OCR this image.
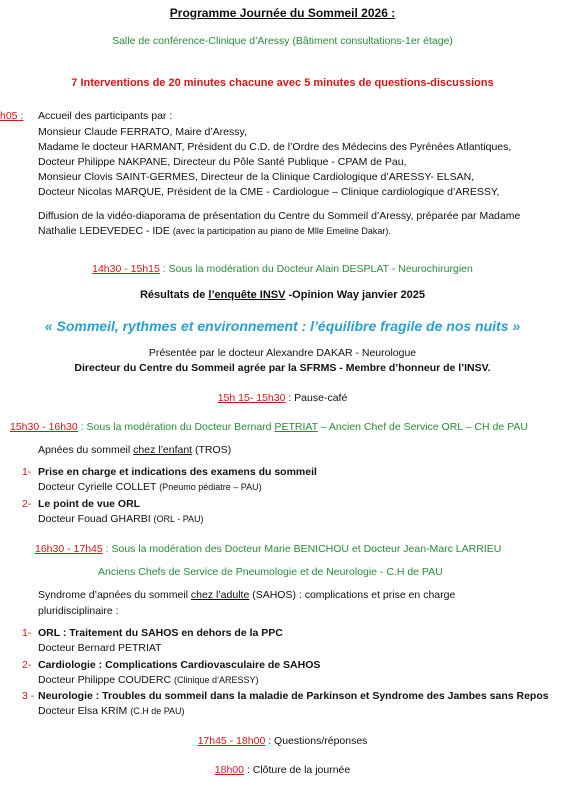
Programme Journée du Sommeil 2026 :
Salle de conférence-Clinique d’Aressy (Bâtiment consultations-1er étage)
7 Interventions de 20 minutes chacune avec 5 minutes de questions-discussions
h05 : Accueil des participants par :
Monsieur Claude FERRATO, Maire d’Aressy,
Madame le docteur HARMANT, Président du C.D. de l’Ordre des Médecins des Pyrénées Atlantiques,
Docteur Philippe NAKPANE, Directeur du Pôle Santé Publique - CPAM de Pau,
Monsieur Clovis SAINT-GERMES, Directeur de la Clinique Cardiologique d’ARESSY- ELSAN,
Docteur Nicolas MARQUE, Président de la CME - Cardiologue – Clinique cardiologique d’ARESSY,
Diffusion de la vidéo-diaporama de présentation du Centre du Sommeil d’Aressy, préparée par Madame
Nathalie LEDEVEDEC - IDE (avec la participation au piano de Mlle Emeline Dakar).
14h30 - 15h15 : Sous la modération du Docteur Alain DESPLAT - Neurochirurgien
Résultats de l’enquête INSV -Opinion Way janvier 2025
« Sommeil, rythmes et environnement : l’équilibre fragile de nos nuits »
Présentée par le docteur Alexandre DAKAR - Neurologue
Directeur du Centre du Sommeil agrée par la SFRMS - Membre d’honneur de l’INSV.
15h 15- 15h30 : Pause-café
15h30 - 16h30 : Sous la modération du Docteur Bernard PETRIAT – Ancien Chef de Service ORL – CH de PAU
Apnées du sommeil chez l’enfant (TROS)
1- Prise en charge et indications des examens du sommeil
Docteur Cyrielle COLLET (Pneumo pédiatre – PAU)
2- Le point de vue ORL
Docteur Fouad GHARBI (ORL - PAU)
16h30 - 17h45 : Sous la modération des Docteur Marie BENICHOU et Docteur Jean-Marc LARRIEU
Anciens Chefs de Service de Pneumologie et de Neurologie - C.H de PAU
Syndrome d’apnées du sommeil chez l’adulte (SAHOS) : complications et prise en charge
pluridisciplinaire :
1- ORL : Traitement du SAHOS en dehors de la PPC
Docteur Bernard PETRIAT
2- Cardiologie : Complications Cardiovasculaire de SAHOS
Docteur Philippe COUDERC (Clinique d’ARESSY)
3 - Neurologie : Troubles du sommeil dans la maladie de Parkinson et Syndrome des Jambes sans Repos
Docteur Elsa KRIM (C.H de PAU)
17h45 - 18h00 : Questions/réponses
18h00 : Clôture de la journée
